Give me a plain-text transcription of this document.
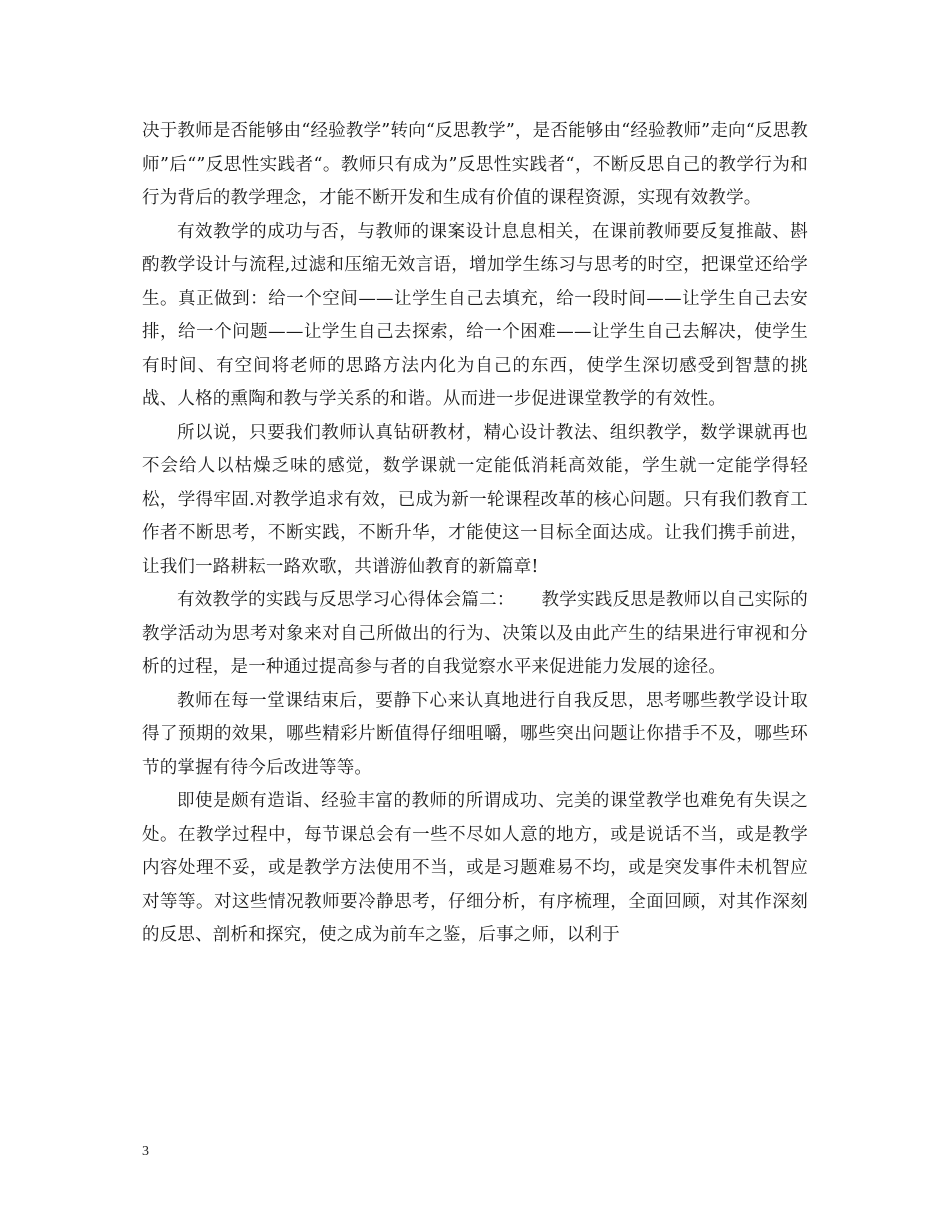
决于教师是否能够由“经验教学”转向“反思教学”，是否能够由“经验教师”走向“反思教师”后“”反思性实践者“。教师只有成为”反思性实践者“，不断反思自己的教学行为和行为背后的教学理念，才能不断开发和生成有价值的课程资源，实现有效教学。

有效教学的成功与否，与教师的课案设计息息相关，在课前教师要反复推敲、斟酌教学设计与流程,过滤和压缩无效言语，增加学生练习与思考的时空，把课堂还给学生。真正做到：给一个空间——让学生自己去填充，给一段时间——让学生自己去安排，给一个问题——让学生自己去探索，给一个困难——让学生自己去解决，使学生有时间、有空间将老师的思路方法内化为自己的东西，使学生深切感受到智慧的挑战、人格的熏陶和教与学关系的和谐。从而进一步促进课堂教学的有效性。

所以说，只要我们教师认真钻研教材，精心设计教法、组织教学，数学课就再也不会给人以枯燥乏味的感觉，数学课就一定能低消耗高效能，学生就一定能学得轻松，学得牢固.对教学追求有效，已成为新一轮课程改革的核心问题。只有我们教育工作者不断思考，不断实践，不断升华，才能使这一目标全面达成。让我们携手前进，让我们一路耕耘一路欢歌，共谱游仙教育的新篇章!

有效教学的实践与反思学习心得体会篇二：　　教学实践反思是教师以自己实际的教学活动为思考对象来对自己所做出的行为、决策以及由此产生的结果进行审视和分析的过程，是一种通过提高参与者的自我觉察水平来促进能力发展的途径。

教师在每一堂课结束后，要静下心来认真地进行自我反思，思考哪些教学设计取得了预期的效果，哪些精彩片断值得仔细咀嚼，哪些突出问题让你措手不及，哪些环节的掌握有待今后改进等等。

即使是颇有造诣、经验丰富的教师的所谓成功、完美的课堂教学也难免有失误之处。在教学过程中，每节课总会有一些不尽如人意的地方，或是说话不当，或是教学内容处理不妥，或是教学方法使用不当，或是习题难易不均，或是突发事件未机智应对等等。对这些情况教师要冷静思考，仔细分析，有序梳理，全面回顾，对其作深刻的反思、剖析和探究，使之成为前车之鉴，后事之师，以利于

3
